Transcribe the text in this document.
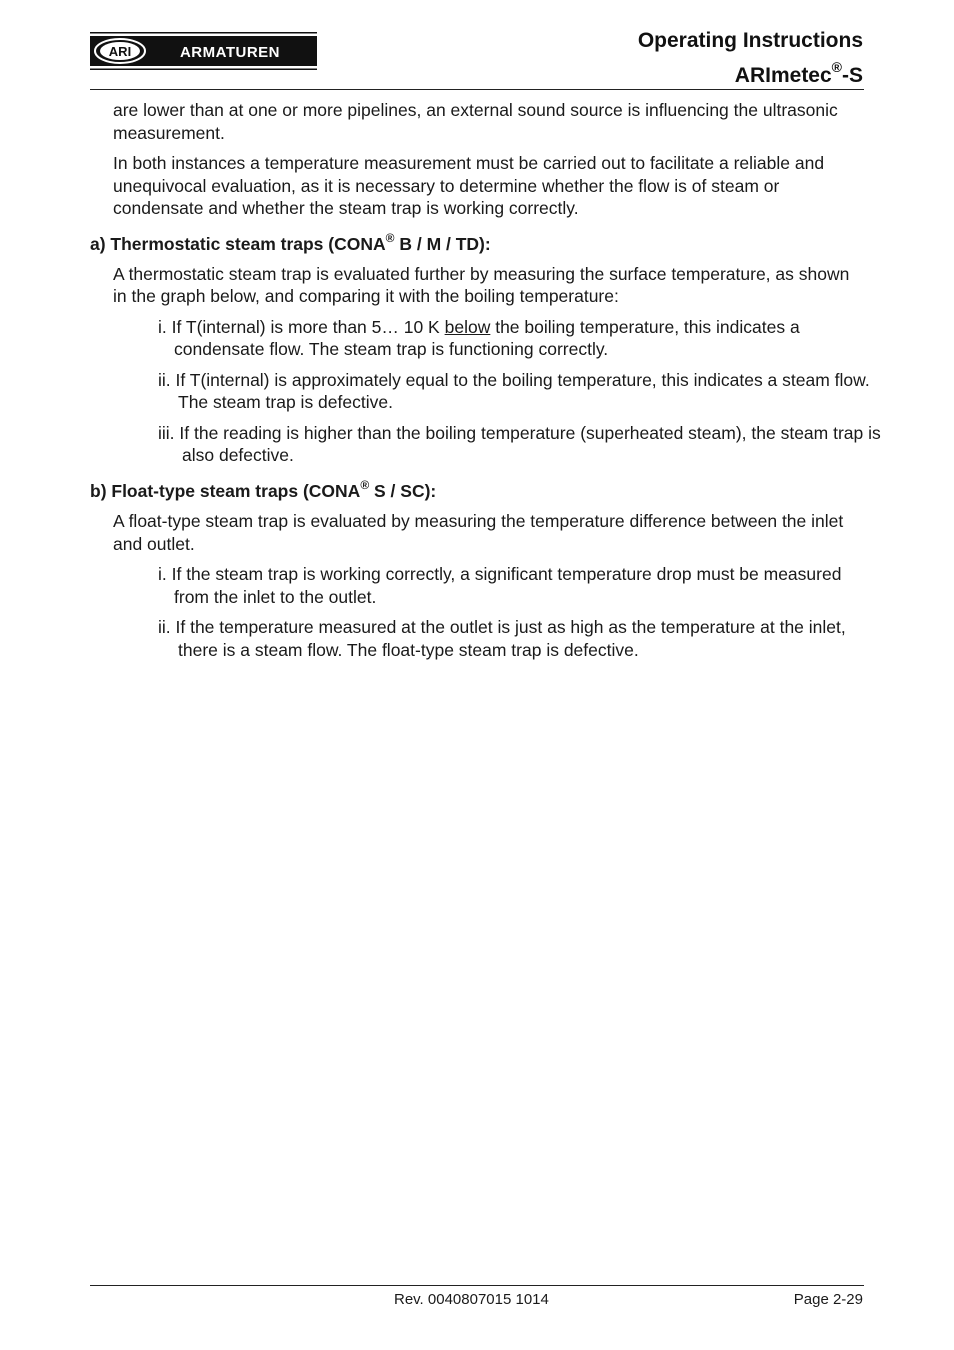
ARI	ARMATUREN
Operating Instructions
ARImetec®-S

are lower than at one or more pipelines, an external sound source is influencing the ultrasonic measurement.

In both instances a temperature measurement must be carried out to facilitate a reliable and unequivocal evaluation, as it is necessary to determine whether the flow is of steam or condensate and whether the steam trap is working correctly.

a) Thermostatic steam traps (CONA® B / M / TD):

A thermostatic steam trap is evaluated further by measuring the surface temperature, as shown in the graph below, and comparing it with the boiling temperature:

i. If T(internal) is more than 5… 10 K below the boiling temperature, this indicates a condensate flow. The steam trap is functioning correctly.

ii. If T(internal) is approximately equal to the boiling temperature, this indicates a steam flow. The steam trap is defective.

iii. If the reading is higher than the boiling temperature (superheated steam), the steam trap is also defective.

b) Float-type steam traps (CONA® S / SC):

A float-type steam trap is evaluated by measuring the temperature difference between the inlet and outlet.

i. If the steam trap is working correctly, a significant temperature drop must be measured from the inlet to the outlet.

ii. If the temperature measured at the outlet is just as high as the temperature at the inlet, there is a steam flow. The float-type steam trap is defective.

Rev. 0040807015 1014	Page 2-29
